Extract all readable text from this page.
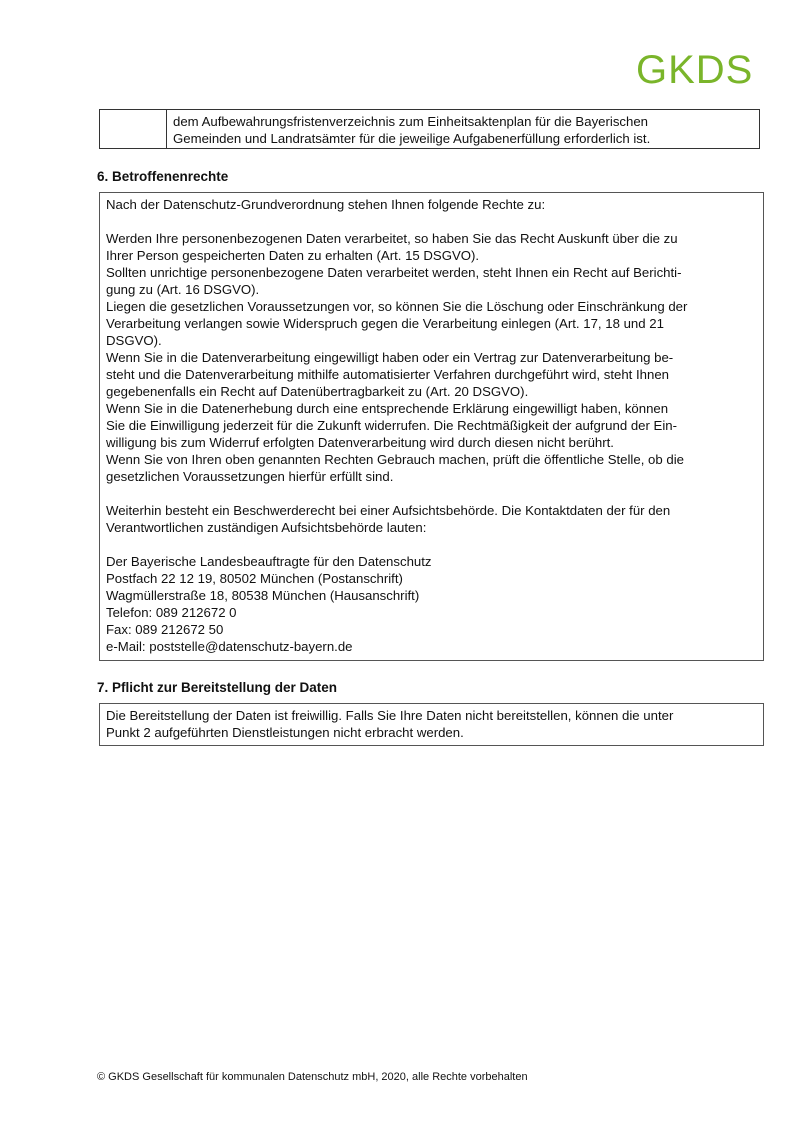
GKDS

dem Aufbewahrungsfristenverzeichnis zum Einheitsaktenplan für die Bayerischen

Gemeinden und Landratsämter für die jeweilige Aufgabenerfüllung erforderlich ist.

6. Betroffenenrechte

Nach der Datenschutz-Grundverordnung stehen Ihnen folgende Rechte zu:

Werden Ihre personenbezogenen Daten verarbeitet, so haben Sie das Recht Auskunft über die zu

Ihrer Person gespeicherten Daten zu erhalten (Art. 15 DSGVO).

Sollten unrichtige personenbezogene Daten verarbeitet werden, steht Ihnen ein Recht auf Berichti-

gung zu (Art. 16 DSGVO).

Liegen die gesetzlichen Voraussetzungen vor, so können Sie die Löschung oder Einschränkung der

Verarbeitung verlangen sowie Widerspruch gegen die Verarbeitung einlegen (Art. 17, 18 und 21

DSGVO).

Wenn Sie in die Datenverarbeitung eingewilligt haben oder ein Vertrag zur Datenverarbeitung be-

steht und die Datenverarbeitung mithilfe automatisierter Verfahren durchgeführt wird, steht Ihnen

gegebenenfalls ein Recht auf Datenübertragbarkeit zu (Art. 20 DSGVO).

Wenn Sie in die Datenerhebung durch eine entsprechende Erklärung eingewilligt haben, können

Sie die Einwilligung jederzeit für die Zukunft widerrufen. Die Rechtmäßigkeit der aufgrund der Ein-

willigung bis zum Widerruf erfolgten Datenverarbeitung wird durch diesen nicht berührt.

Wenn Sie von Ihren oben genannten Rechten Gebrauch machen, prüft die öffentliche Stelle, ob die

gesetzlichen Voraussetzungen hierfür erfüllt sind.

Weiterhin besteht ein Beschwerderecht bei einer Aufsichtsbehörde. Die Kontaktdaten der für den

Verantwortlichen zuständigen Aufsichtsbehörde lauten:

Der Bayerische Landesbeauftragte für den Datenschutz

Postfach 22 12 19, 80502 München (Postanschrift)

Wagmüllerstraße 18, 80538 München (Hausanschrift)

Telefon: 089 212672 0

Fax: 089 212672 50

e-Mail: poststelle@datenschutz-bayern.de

7. Pflicht zur Bereitstellung der Daten

Die Bereitstellung der Daten ist freiwillig. Falls Sie Ihre Daten nicht bereitstellen, können die unter

Punkt 2 aufgeführten Dienstleistungen nicht erbracht werden.

© GKDS Gesellschaft für kommunalen Datenschutz mbH, 2020, alle Rechte vorbehalten
